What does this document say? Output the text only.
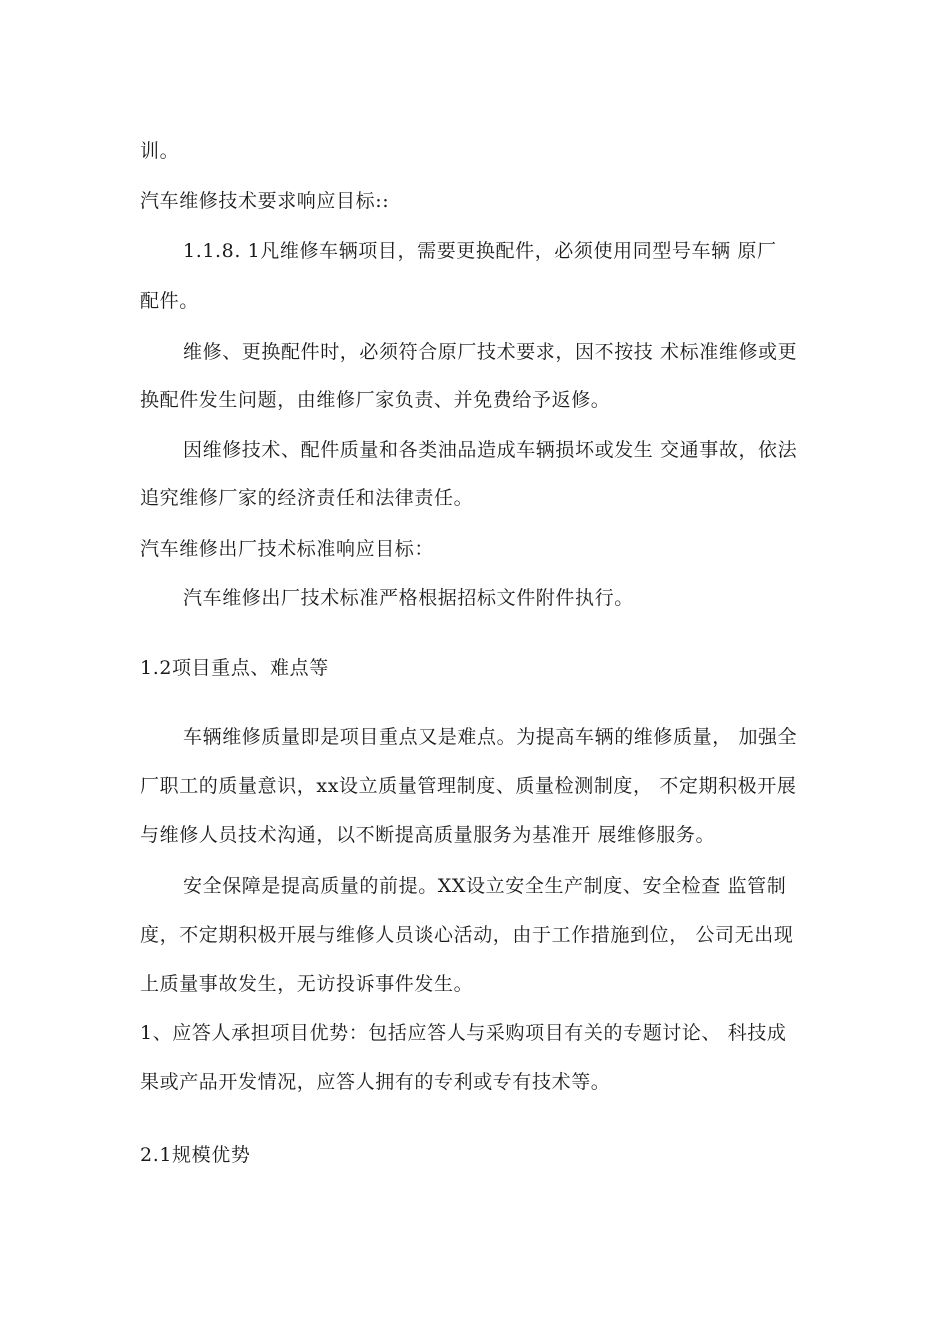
训。
汽车维修技术要求响应目标::
1.1.8. 1凡维修车辆项目，需要更换配件，必须使用同型号车辆 原厂
配件。
维修、更换配件时，必须符合原厂技术要求，因不按技 术标准维修或更
换配件发生问题，由维修厂家负责、并免费给予返修。
因维修技术、配件质量和各类油品造成车辆损坏或发生 交通事故，依法
追究维修厂家的经济责任和法律责任。
汽车维修出厂技术标准响应目标：
汽车维修出厂技术标准严格根据招标文件附件执行。
1.2项目重点、难点等
车辆维修质量即是项目重点又是难点。为提高车辆的维修质量， 加强全
厂职工的质量意识，xx设立质量管理制度、质量检测制度， 不定期积极开展
与维修人员技术沟通，以不断提高质量服务为基准开 展维修服务。
安全保障是提高质量的前提。XX设立安全生产制度、安全检查 监管制
度，不定期积极开展与维修人员谈心活动，由于工作措施到位， 公司无出现
上质量事故发生，无访投诉事件发生。
1、应答人承担项目优势：包括应答人与采购项目有关的专题讨论、 科技成
果或产品开发情况，应答人拥有的专利或专有技术等。
2.1规模优势
